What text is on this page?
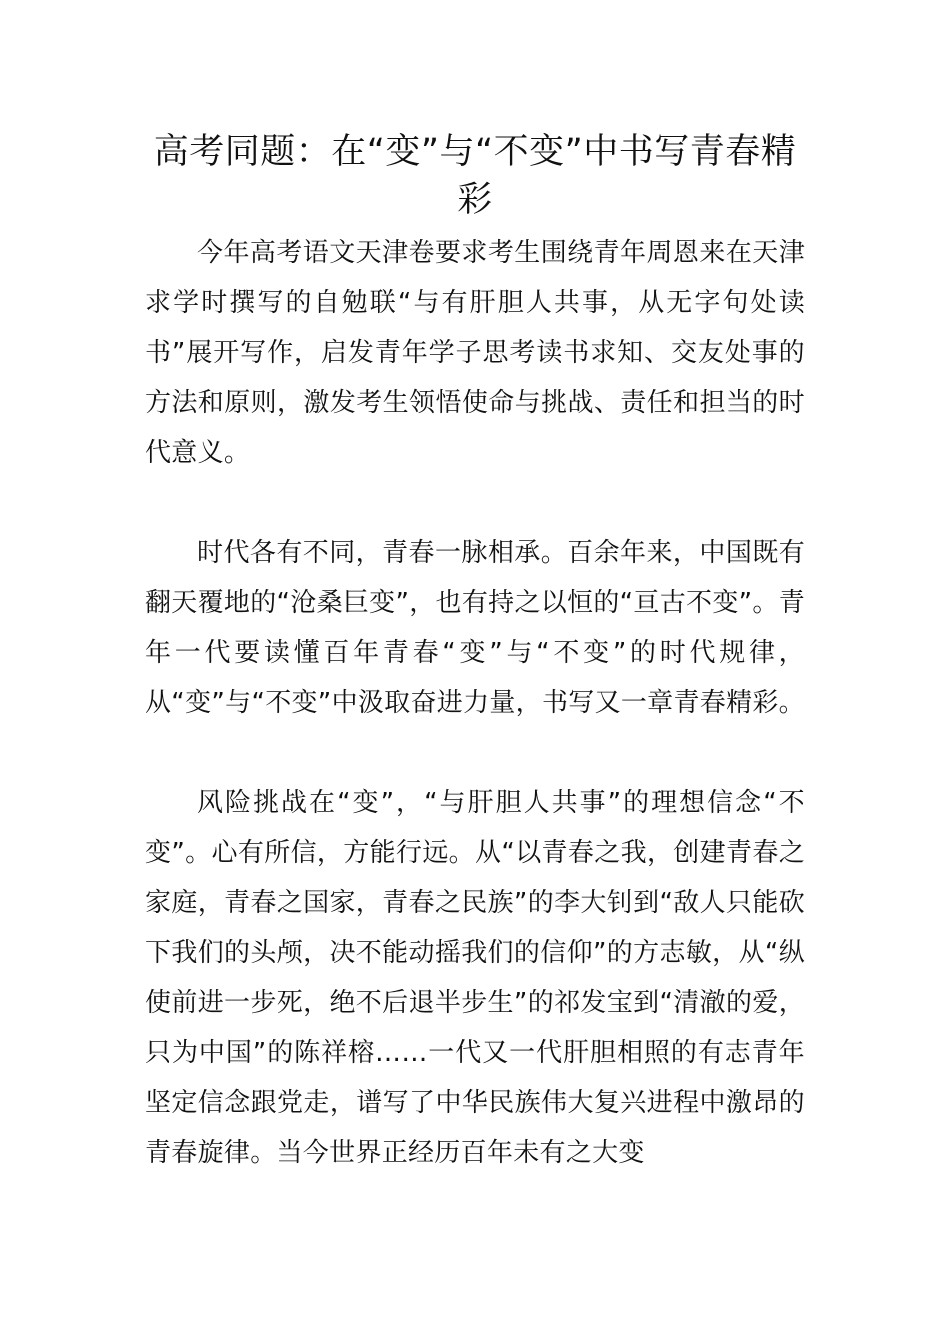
高考同题：在“变”与“不变”中书写青春精彩

今年高考语文天津卷要求考生围绕青年周恩来在天津求学时撰写的自勉联“与有肝胆人共事，从无字句处读书”展开写作，启发青年学子思考读书求知、交友处事的方法和原则，激发考生领悟使命与挑战、责任和担当的时代意义。

时代各有不同，青春一脉相承。百余年来，中国既有翻天覆地的“沧桑巨变”，也有持之以恒的“亘古不变”。青年一代要读懂百年青春“变”与“不变”的时代规律，从“变”与“不变”中汲取奋进力量，书写又一章青春精彩。

风险挑战在“变”，“与肝胆人共事”的理想信念“不变”。心有所信，方能行远。从“以青春之我，创建青春之家庭，青春之国家，青春之民族”的李大钊到“敌人只能砍下我们的头颅，决不能动摇我们的信仰”的方志敏，从“纵使前进一步死，绝不后退半步生”的祁发宝到“清澈的爱，只为中国”的陈祥榕……一代又一代肝胆相照的有志青年坚定信念跟党走，谱写了中华民族伟大复兴进程中激昂的青春旋律。当今世界正经历百年未有之大变
